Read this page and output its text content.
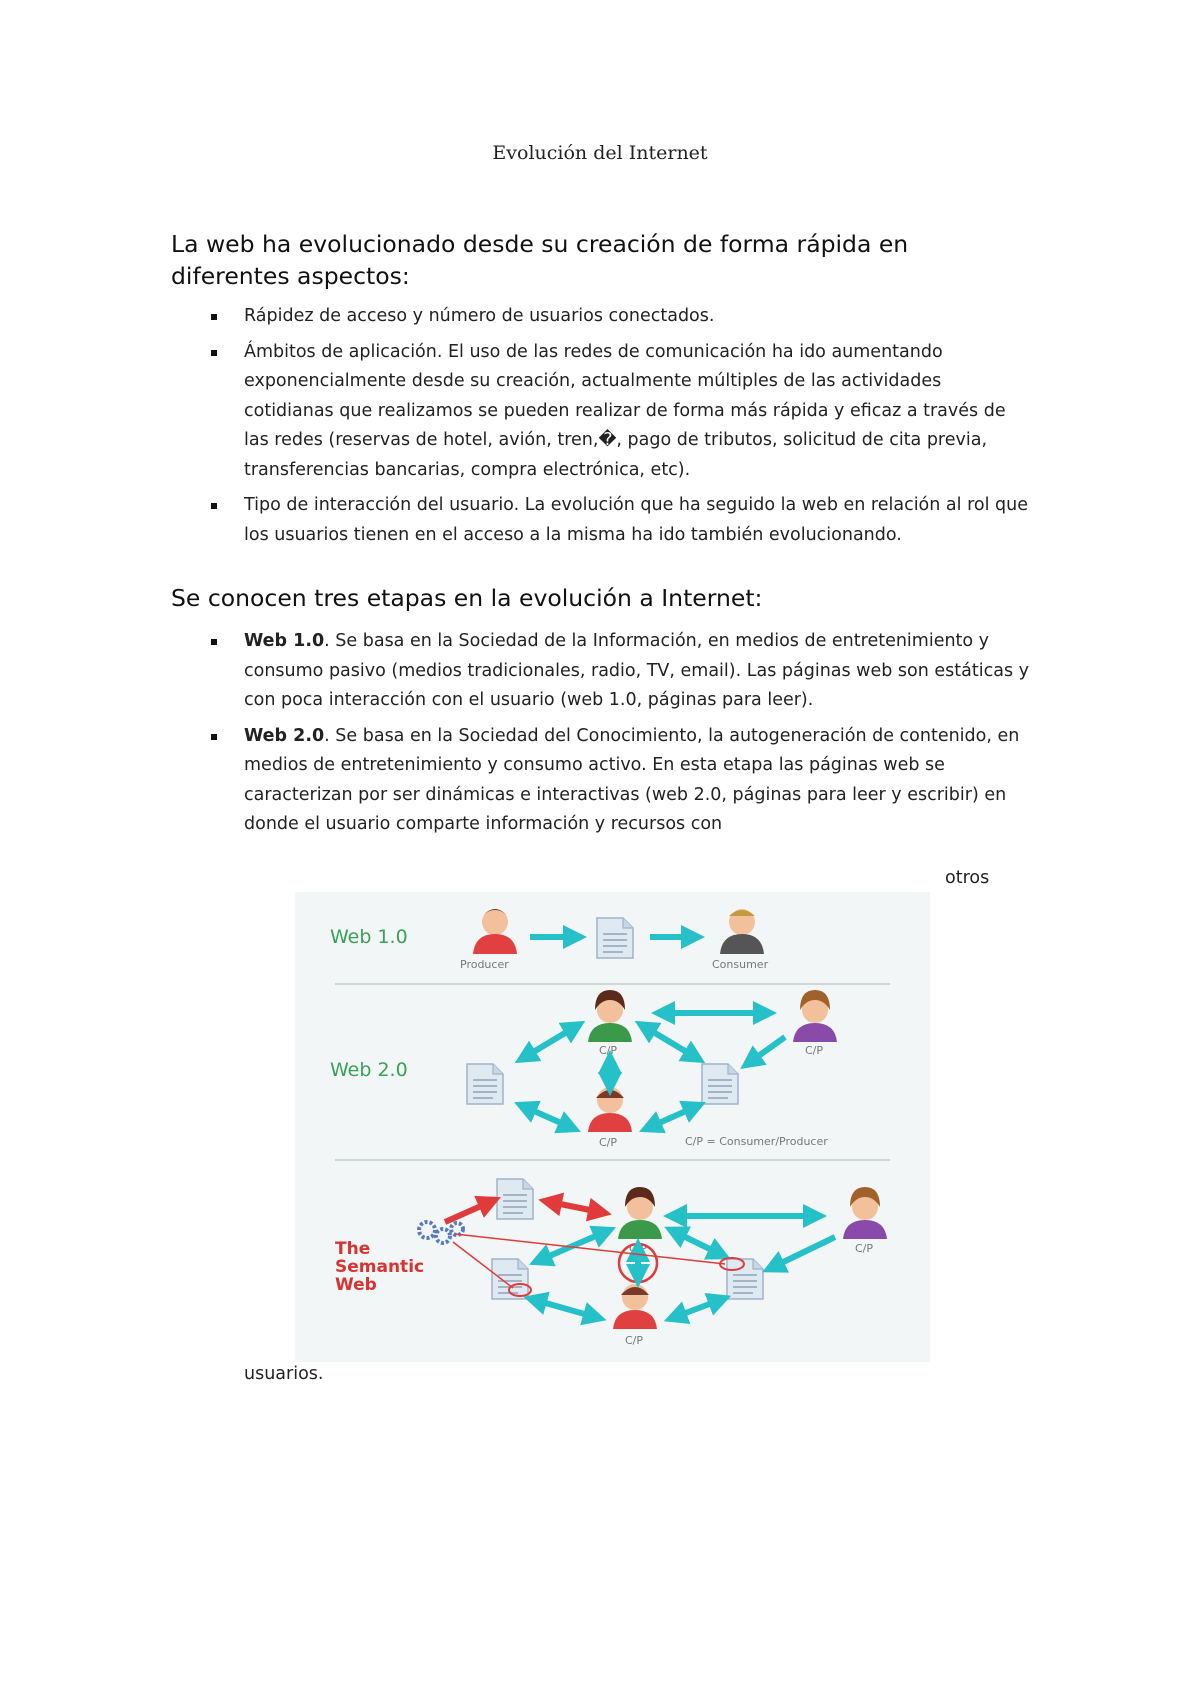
Evolución del Internet
La web ha evolucionado desde su creación de forma rápida en
diferentes aspectos:
Rápidez de acceso y número de usuarios conectados.
Ámbitos de aplicación. El uso de las redes de comunicación ha ido aumentando exponencialmente desde su creación, actualmente múltiples de las actividades cotidianas que realizamos se pueden realizar de forma más rápida y eficaz a través de las redes (reservas de hotel, avión, tren,�, pago de tributos, solicitud de cita previa, transferencias bancarias, compra electrónica, etc).
Tipo de interacción del usuario. La evolución que ha seguido la web en relación al rol que los usuarios tienen en el acceso a la misma ha ido también evolucionando.
Se conocen tres etapas en la evolución a Internet:
Web 1.0. Se basa en la Sociedad de la Información, en medios de entretenimiento y consumo pasivo (medios tradicionales, radio, TV, email). Las páginas web son estáticas y con poca interacción con el usuario (web 1.0, páginas para leer).
Web 2.0. Se basa en la Sociedad del Conocimiento, la autogeneración de contenido, en medios de entretenimiento y consumo activo. En esta etapa las páginas web se caracterizan por ser dinámicas e interactivas (web 2.0, páginas para leer y escribir) en donde el usuario comparte información y recursos con
otros
Web 1.0
Producer	Consumer
Web 2.0
C/P	C/P
C/P	C/P = Consumer/Producer
The
Semantic
Web
C/P	C/P
C/P
usuarios.
